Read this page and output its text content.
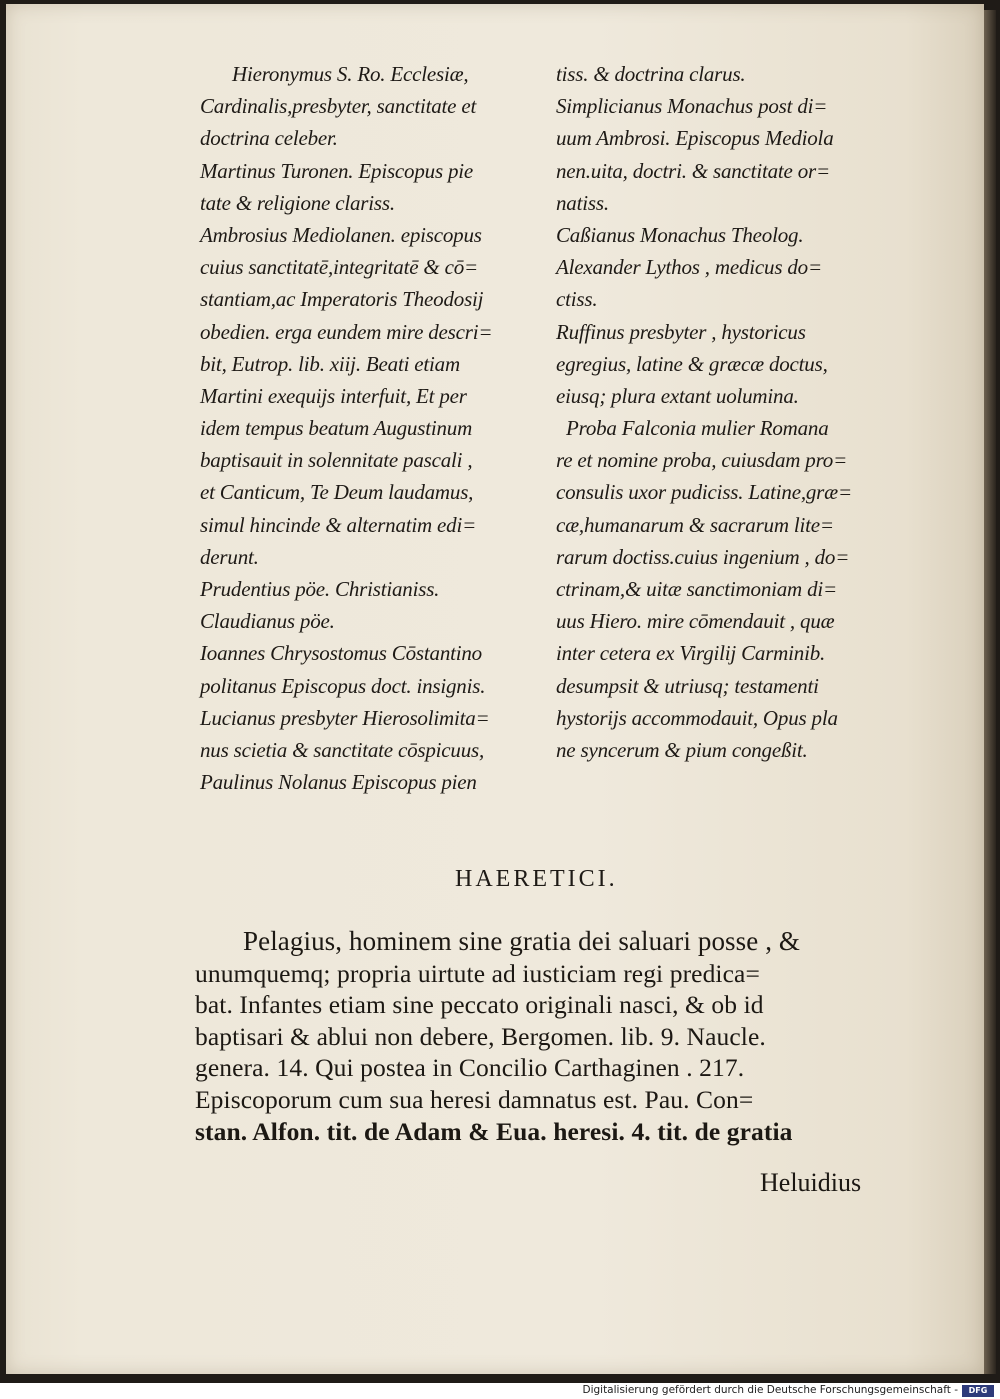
Hieronymus S. Ro. Ecclesiæ,
Cardinalis,presbyter, sanctitate et
doctrina celeber.
Martinus Turonen. Episcopus pie
tate & religione clariss.
Ambrosius Mediolanen. episcopus
cuius sanctitatē,integritatē & cō=
stantiam,ac Imperatoris Theodosij
obedien. erga eundem mire descri=
bit, Eutrop. lib. xiij. Beati etiam
Martini exequijs interfuit, Et per
idem tempus beatum Augustinum
baptisauit in solennitate pascali ,
et Canticum, Te Deum laudamus,
simul hincinde & alternatim edi=
derunt.
Prudentius pöe. Christianiss.
Claudianus pöe.
Ioannes Chrysostomus Cōstantino
politanus Episcopus doct. insignis.
Lucianus presbyter Hierosolimita=
nus scietia & sanctitate cōspicuus,
Paulinus Nolanus Episcopus pien
tiss. & doctrina clarus.
Simplicianus Monachus post di=
uum Ambrosi. Episcopus Mediola
nen.uita, doctri. & sanctitate or=
natiss.
Caßianus Monachus Theolog.
Alexander Lythos , medicus do=
ctiss.
Ruffinus presbyter , hystoricus
egregius, latine & græcæ doctus,
eiusq; plura extant uolumina.
Proba Falconia mulier Romana
re et nomine proba, cuiusdam pro=
consulis uxor pudiciss. Latine,græ=
cæ,humanarum & sacrarum lite=
rarum doctiss.cuius ingenium , do=
ctrinam,& uitæ sanctimoniam di=
uus Hiero. mire cōmendauit , quæ
inter cetera ex Virgilij Carminib.
desumpsit & utriusq; testamenti
hystorijs accommodauit, Opus pla
ne syncerum & pium congeßit.
HAERETICI.
Pelagius, hominem sine gratia dei saluari posse , &
unumquemq; propria uirtute ad iusticiam regi predica=
bat. Infantes etiam sine peccato originali nasci, & ob id
baptisari & ablui non debere, Bergomen. lib. 9. Naucle.
genera. 14. Qui postea in Concilio Carthaginen . 217.
Episcoporum cum sua heresi damnatus est. Pau. Con=
stan. Alfon. tit. de Adam & Eua. heresi. 4. tit. de gratia
Heluidius
Digitalisierung gefördert durch die Deutsche Forschungsgemeinschaft -	DFG
